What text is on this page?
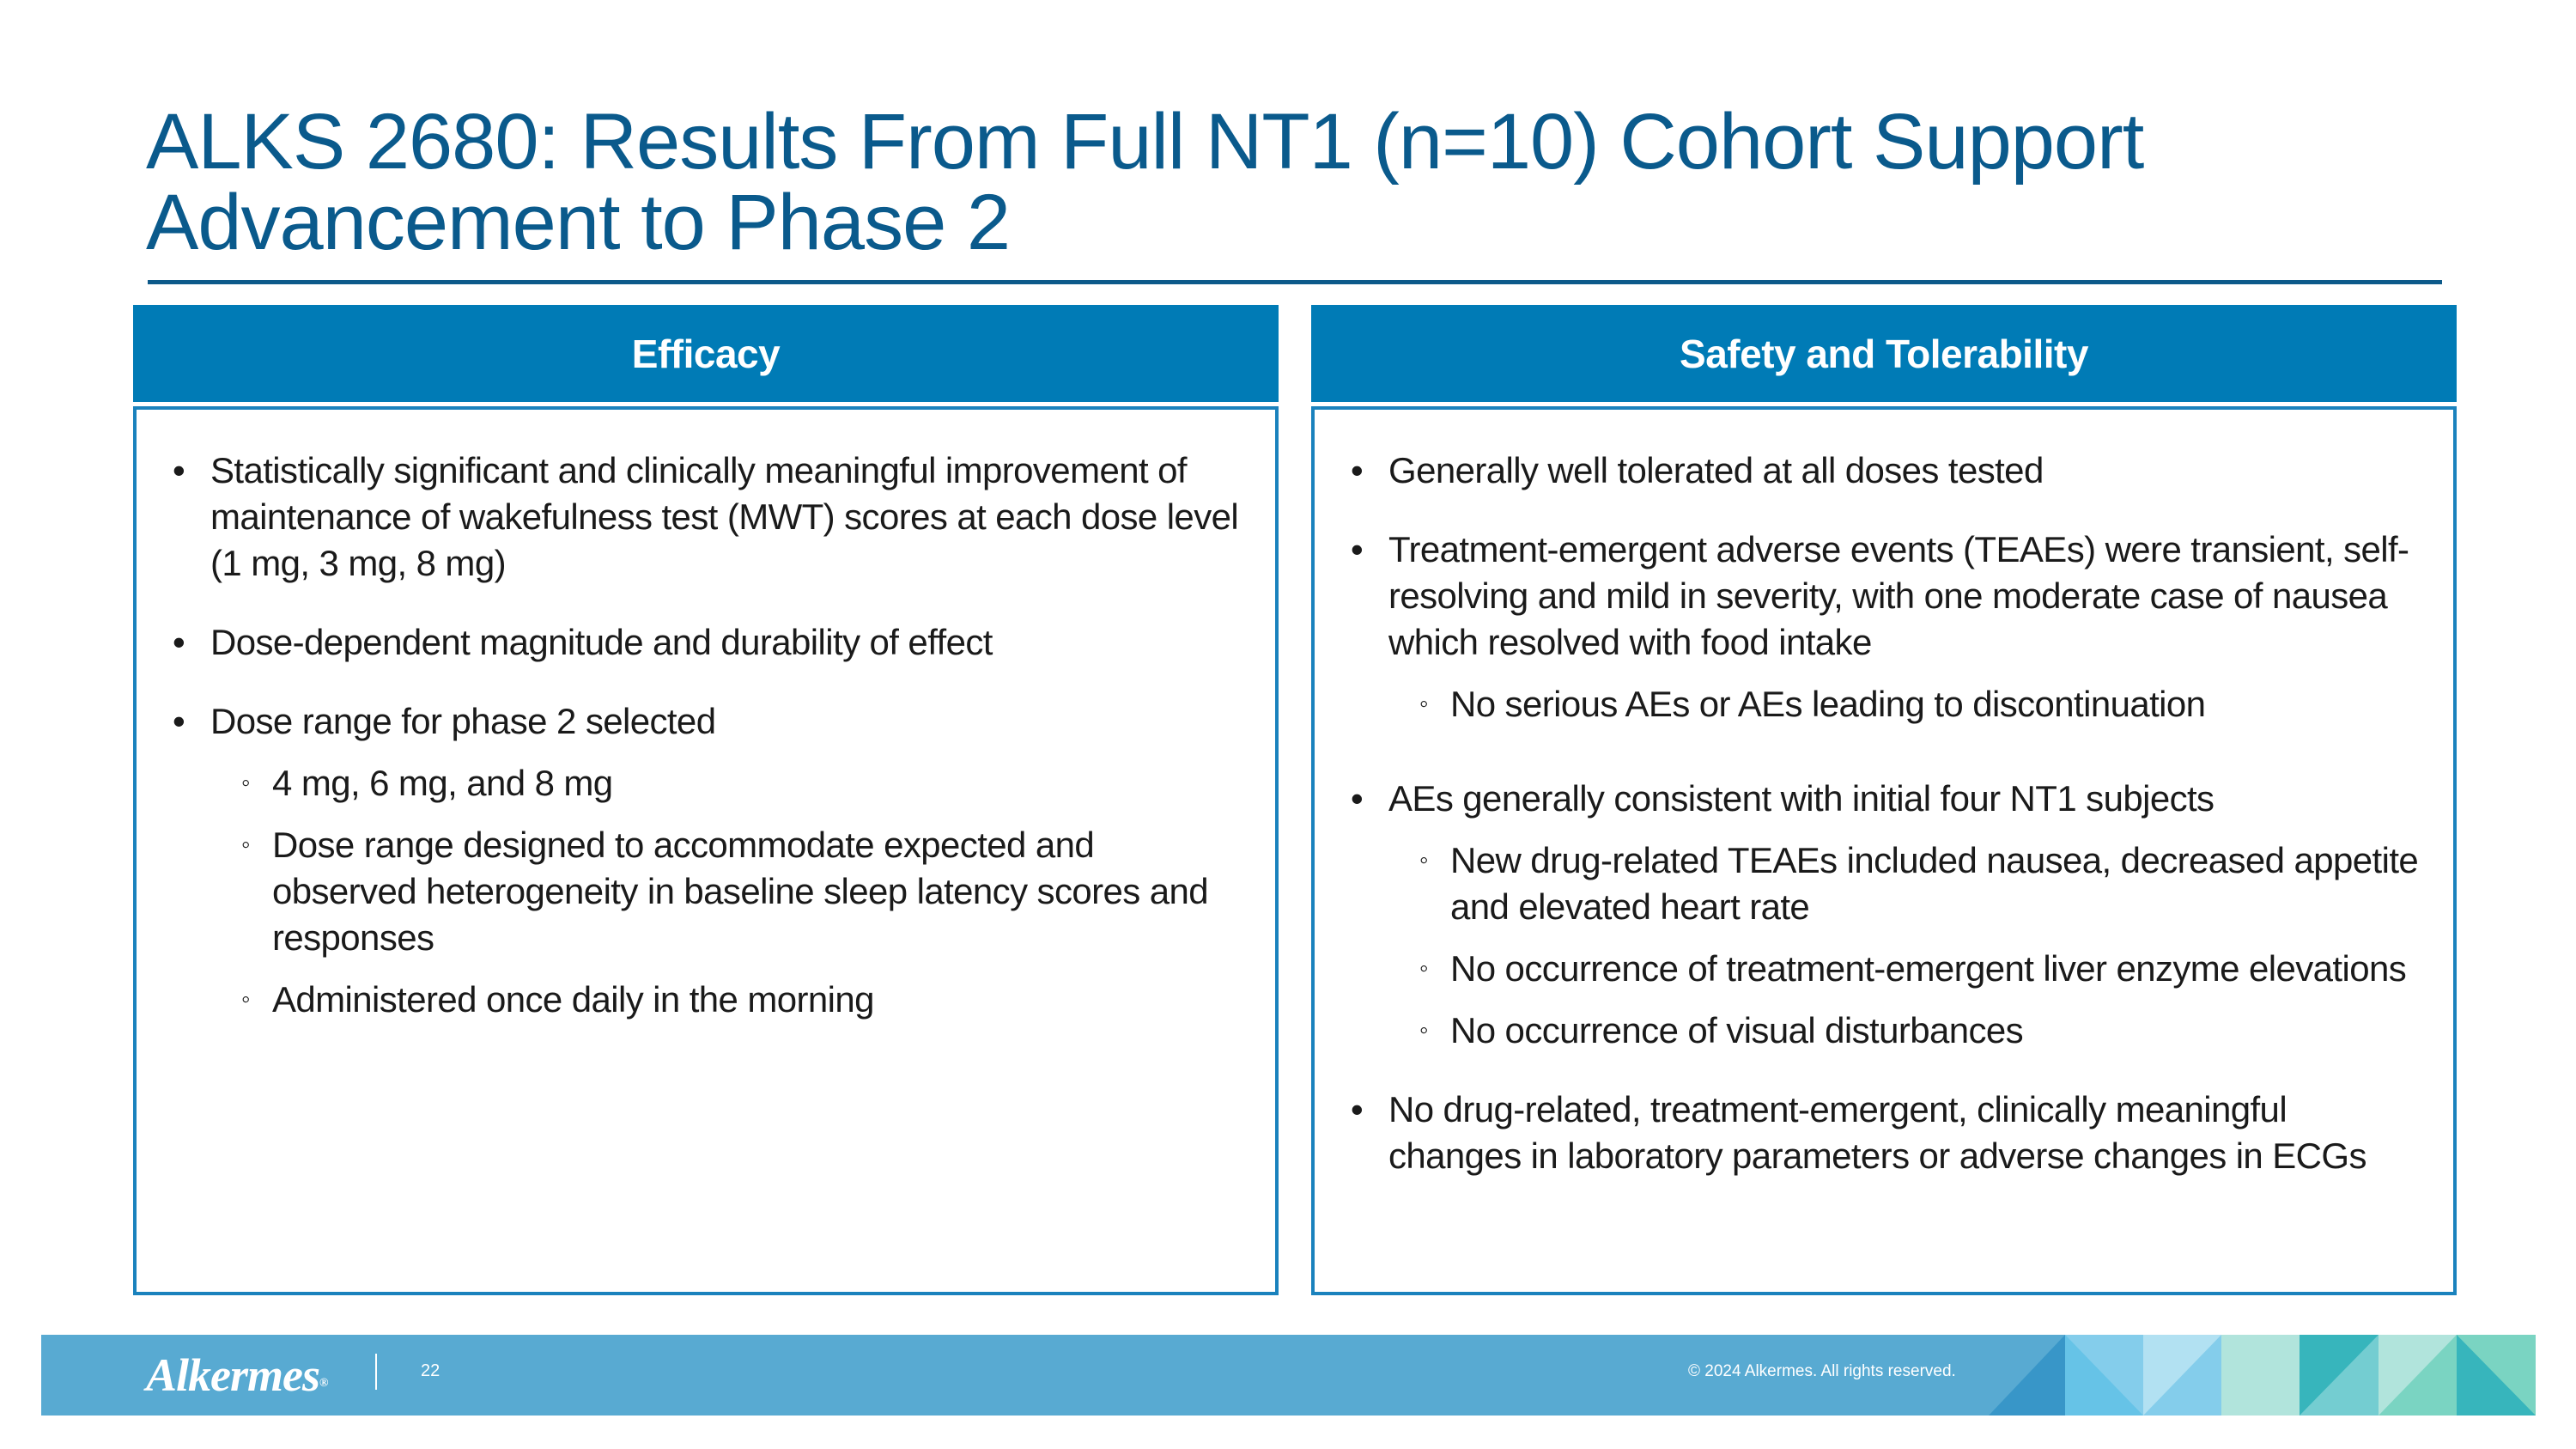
ALKS 2680: Results From Full NT1 (n=10) Cohort Support
Advancement to Phase 2
Efficacy
• Statistically significant and clinically meaningful improvement of maintenance of wakefulness test (MWT) scores at each dose level (1 mg, 3 mg, 8 mg)
• Dose-dependent magnitude and durability of effect
• Dose range for phase 2 selected
◦ 4 mg, 6 mg, and 8 mg
◦ Dose range designed to accommodate expected and observed heterogeneity in baseline sleep latency scores and responses
◦ Administered once daily in the morning
Safety and Tolerability
• Generally well tolerated at all doses tested
• Treatment-emergent adverse events (TEAEs) were transient, self-resolving and mild in severity, with one moderate case of nausea which resolved with food intake
◦ No serious AEs or AEs leading to discontinuation
• AEs generally consistent with initial four NT1 subjects
◦ New drug-related TEAEs included nausea, decreased appetite and elevated heart rate
◦ No occurrence of treatment-emergent liver enzyme elevations
◦ No occurrence of visual disturbances
• No drug-related, treatment-emergent, clinically meaningful changes in laboratory parameters or adverse changes in ECGs
Alkermes®
22	© 2024 Alkermes. All rights reserved.
